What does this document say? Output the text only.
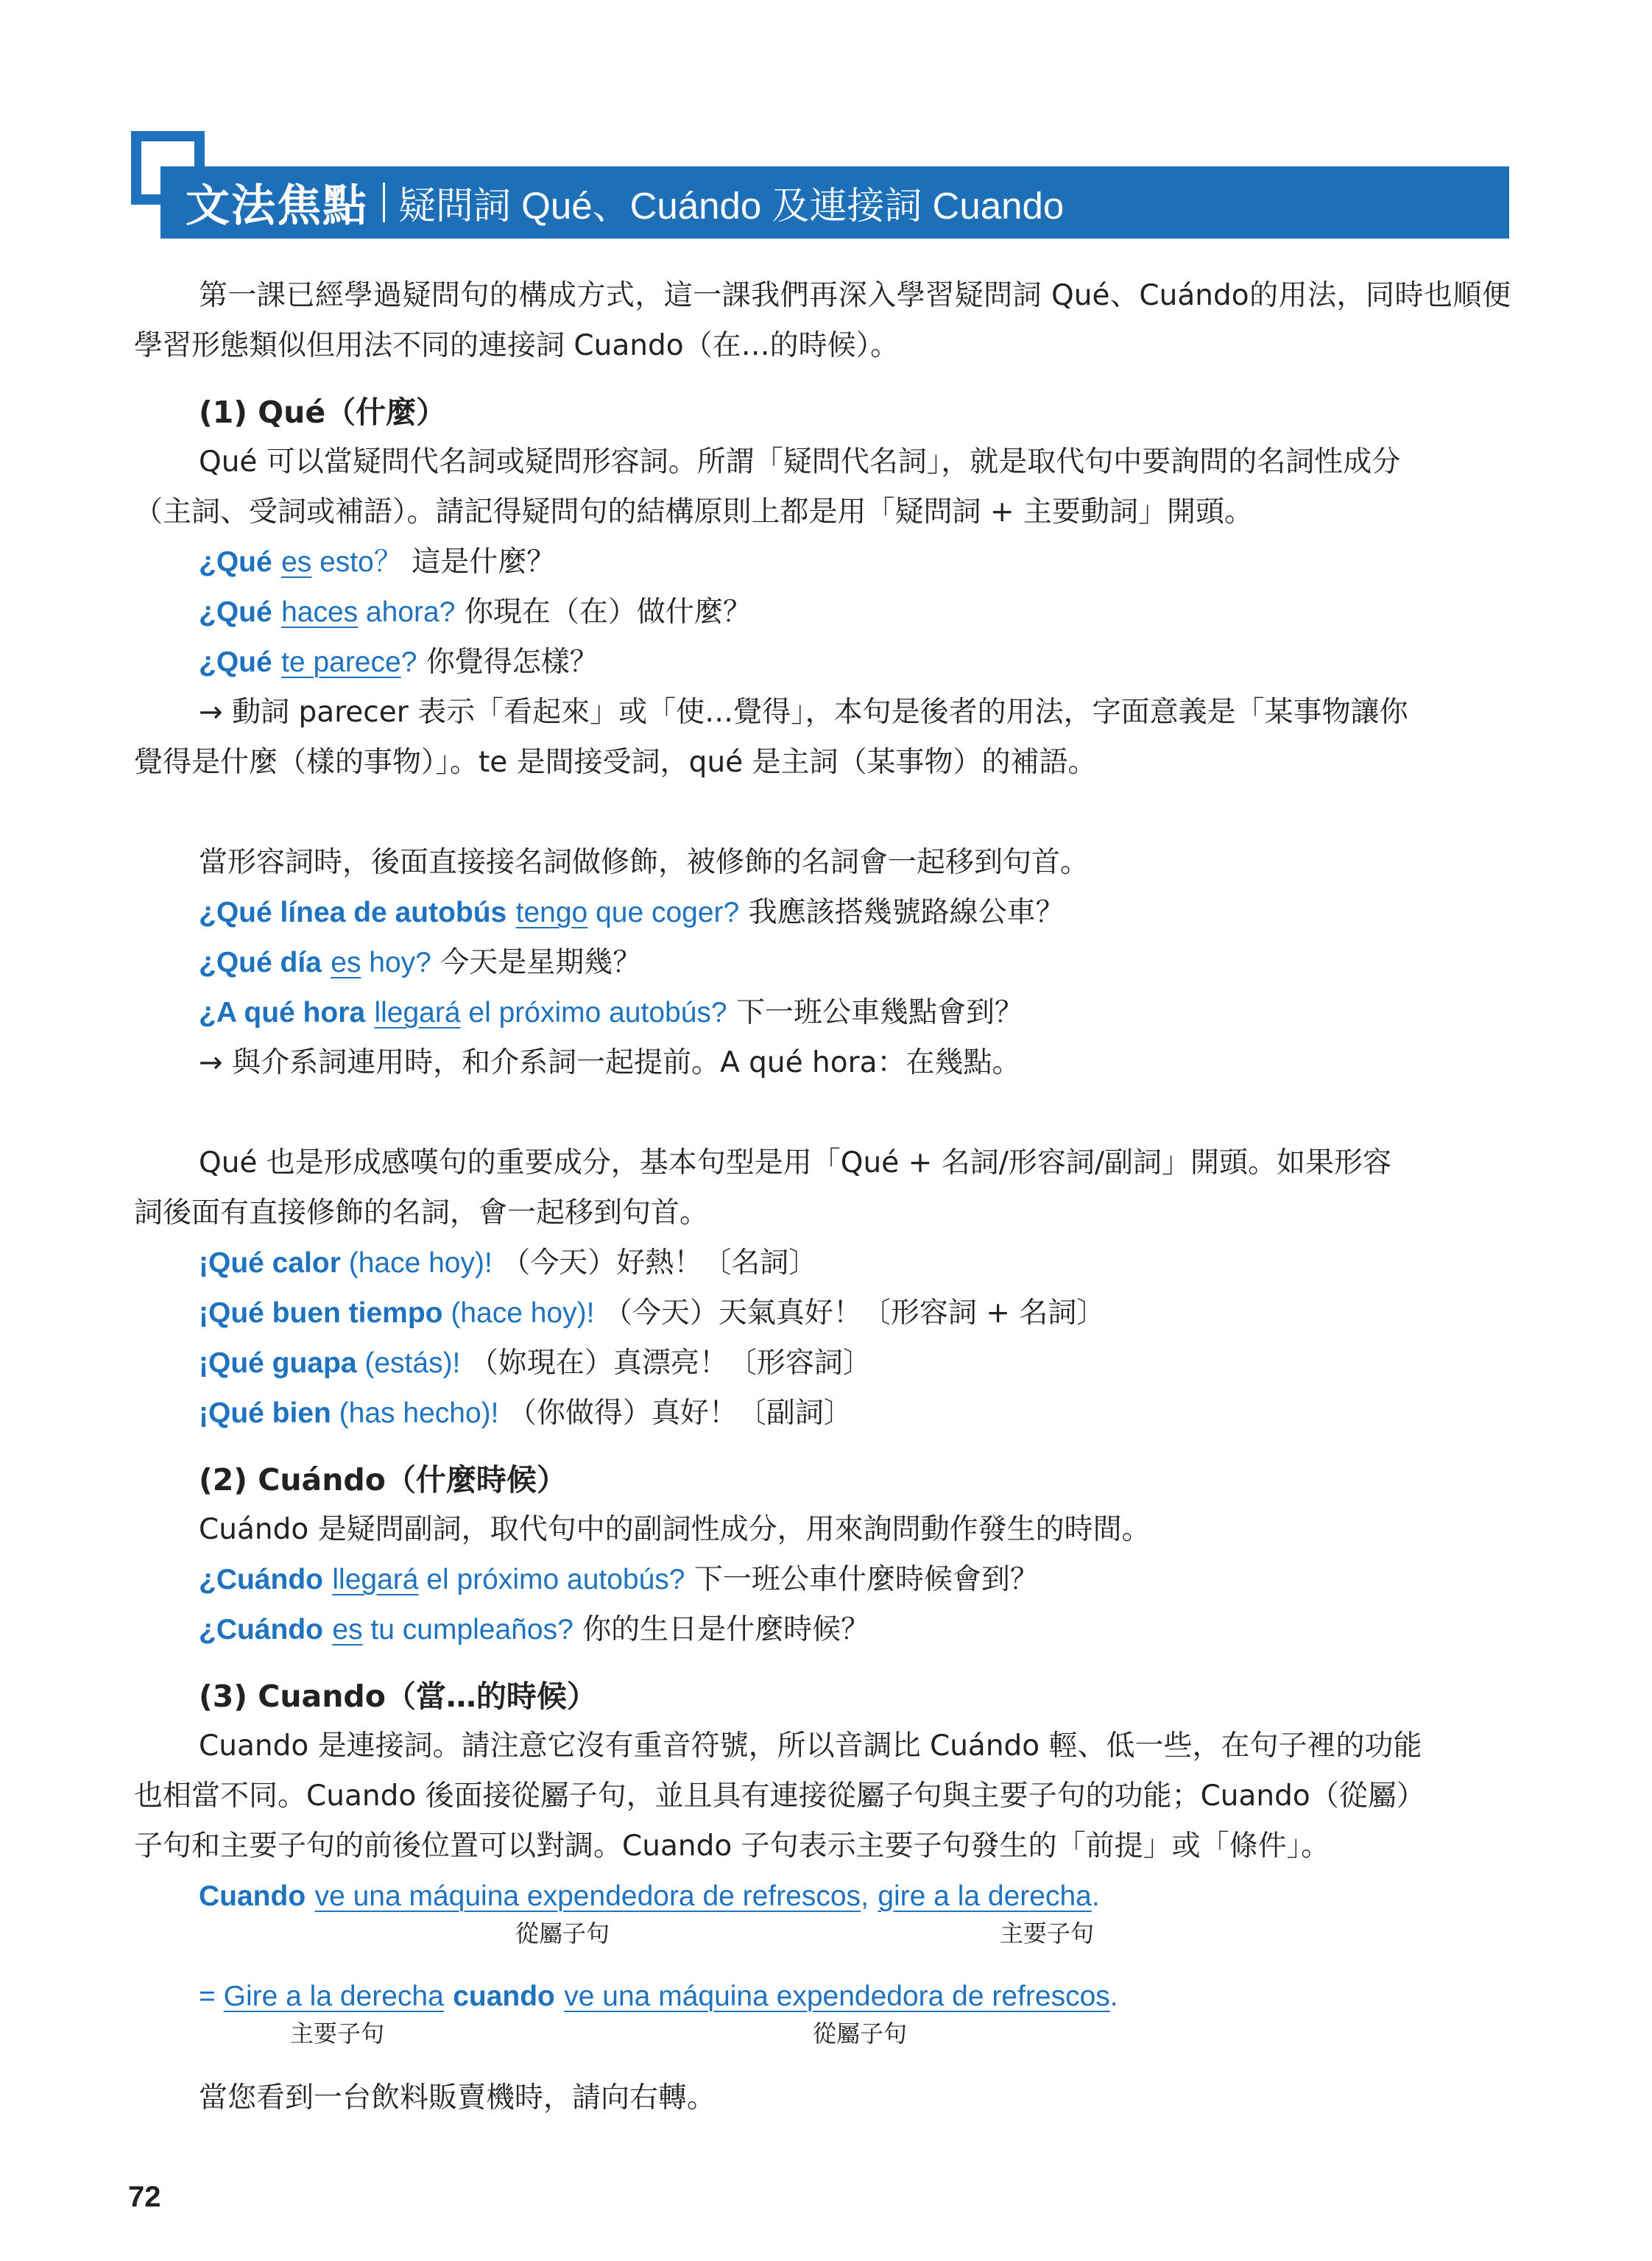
文法焦點 疑問詞 Qué、Cuándo 及連接詞 Cuando
第一課已經學過疑問句的構成方式，這一課我們再深入學習疑問詞 Qué、Cuándo的用法，同時也順便學習形態類似但用法不同的連接詞 Cuando（在…的時候）。
(1) Qué（什麼）
Qué 可以當疑問代名詞或疑問形容詞。所謂「疑問代名詞」，就是取代句中要詢問的名詞性成分
（主詞、受詞或補語）。請記得疑問句的結構原則上都是用「疑問詞 + 主要動詞」開頭。
¿Qué es esto？ 這是什麼？
¿Qué haces ahora? 你現在（在）做什麼？
¿Qué te parece? 你覺得怎樣？
→ 動詞 parecer 表示「看起來」或「使…覺得」，本句是後者的用法，字面意義是「某事物讓你
覺得是什麼（樣的事物）」。te 是間接受詞，qué 是主詞（某事物）的補語。
當形容詞時，後面直接接名詞做修飾，被修飾的名詞會一起移到句首。
¿Qué línea de autobús tengo que coger? 我應該搭幾號路線公車？
¿Qué día es hoy? 今天是星期幾？
¿A qué hora llegará el próximo autobús? 下一班公車幾點會到？
→ 與介系詞連用時，和介系詞一起提前。A qué hora：在幾點。
Qué 也是形成感嘆句的重要成分，基本句型是用「Qué + 名詞/形容詞/副詞」開頭。如果形容
詞後面有直接修飾的名詞，會一起移到句首。
¡Qué calor (hace hoy)! （今天）好熱！〔名詞〕
¡Qué buen tiempo (hace hoy)! （今天）天氣真好！〔形容詞 + 名詞〕
¡Qué guapa (estás)! （妳現在）真漂亮！〔形容詞〕
¡Qué bien (has hecho)! （你做得）真好！〔副詞〕
(2) Cuándo（什麼時候）
Cuándo 是疑問副詞，取代句中的副詞性成分，用來詢問動作發生的時間。
¿Cuándo llegará el próximo autobús? 下一班公車什麼時候會到？
¿Cuándo es tu cumpleaños? 你的生日是什麼時候？
(3) Cuando（當…的時候）
Cuando 是連接詞。請注意它沒有重音符號，所以音調比 Cuándo 輕、低一些，在句子裡的功能
也相當不同。Cuando 後面接從屬子句，並且具有連接從屬子句與主要子句的功能；Cuando（從屬）
子句和主要子句的前後位置可以對調。Cuando 子句表示主要子句發生的「前提」或「條件」。
Cuando ve una máquina expendedora de refrescos, gire a la derecha.
從屬子句	主要子句
= Gire a la derecha cuando ve una máquina expendedora de refrescos.
主要子句	從屬子句
當您看到一台飲料販賣機時，請向右轉。
72
